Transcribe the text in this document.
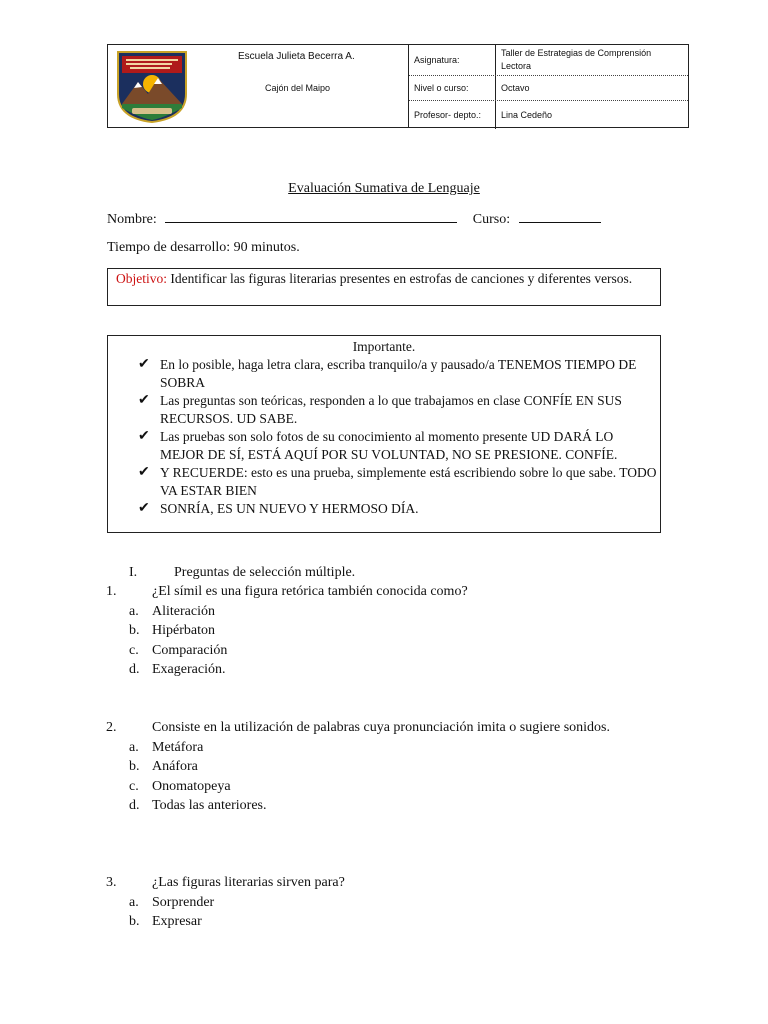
Escuela Julieta Becerra A.
Cajón del Maipo
Asignatura:
Taller de Estrategias de Comprensión Lectora
Nivel o curso:	Octavo
Profesor- depto.:	Lina Cedeño
Evaluación Sumativa de Lenguaje
Nombre:	Curso:
Tiempo de desarrollo: 90 minutos.
Objetivo: Identificar las figuras literarias presentes en estrofas de canciones y diferentes versos.
Importante.
✔ En lo posible, haga letra clara, escriba tranquilo/a y pausado/a TENEMOS TIEMPO DE SOBRA
✔ Las preguntas son teóricas, responden a lo que trabajamos en clase CONFÍE EN SUS RECURSOS. UD SABE.
✔ Las pruebas son solo fotos de su conocimiento al momento presente UD DARÁ LO MEJOR DE SÍ, ESTÁ AQUÍ POR SU VOLUNTAD, NO SE PRESIONE. CONFÍE.
✔ Y RECUERDE: esto es una prueba, simplemente está escribiendo sobre lo que sabe. TODO VA ESTAR BIEN
✔ SONRÍA, ES UN NUEVO Y HERMOSO DÍA.
I.	Preguntas de selección múltiple.
1.	¿El símil es una figura retórica también conocida como?
a. Aliteración
b. Hipérbaton
c. Comparación
d. Exageración.
2.	Consiste en la utilización de palabras cuya pronunciación imita o sugiere sonidos.
a. Metáfora
b. Anáfora
c. Onomatopeya
d. Todas las anteriores.
3.	¿Las figuras literarias sirven para?
a. Sorprender
b. Expresar
